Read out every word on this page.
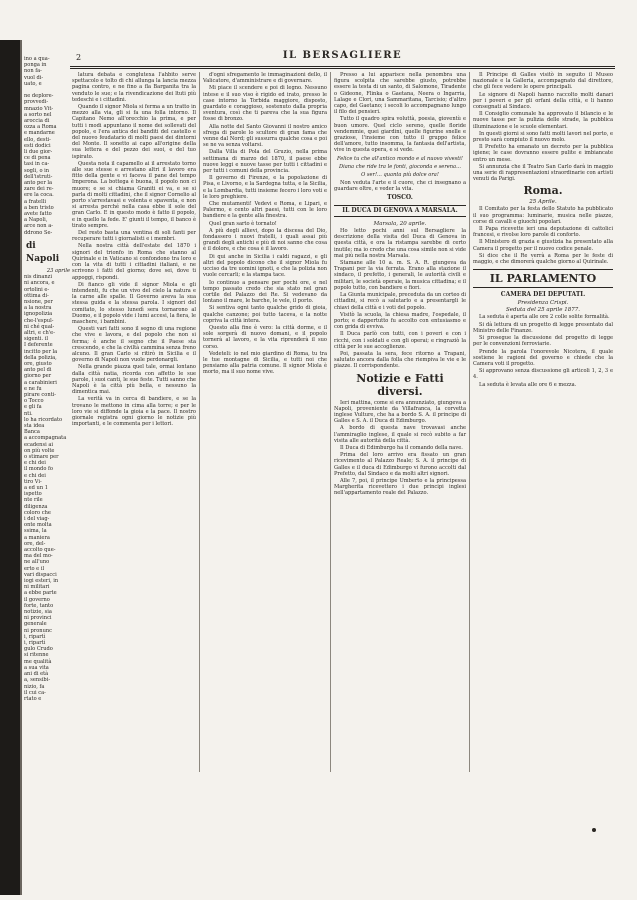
ino a qua-
ponga in
non fa-
vuol di-
uato, e

ne deplore-
provvedi-
mnazio Vit-
a sorto nel
aroccia di
ozza a Roma
e mandarne
ello, desti-
esti dodici
li due gior-
ce di pena
tasi in ca-
sogli, o in
dell'istruti-
anto per la
zare dei re-
ere la coca.
a fratelli
a ben tristo
avete fatto
a Napoli,
arce non a-
ddrono Se-
di Napoli
23 aprile
nis dinanzi
ni ancora, e
ortolini e-
ottima di-
nsione, per
a la nostra
ignopolizia
che-l'espul-
ni ché qual-
altri, e ch'e-
sigenti. il
I deferente
incitto per la
della polizia,
ore, giusto
anto pel di
giorno per
a carabinieri
e ne fu
pirare conti-
o Tocco
e gli fa
nti.
lo ha ricordato
sta idea
Banca
a accompagnata
ecadensi ai
on più volte
o stimare per
e chi dei
il mondo fo
e chi dei
tiro Vi-
a ed un 1
ispetto
nte rile
diligenza
coloro che
i del viag-
onte molta
ssima, la
a maniera
ore, del-
accolto que-
ma del mo-
ne all'uno
erto e il
vari dispacci
iogi esteri, in
ni militari
a ebbe parte
il governo
forte, tanto
notizie, sia
ni provinci
generale
ni pronunc
i, ripartì
i, ripartì
gulo Crudo
si ritenne
me qualità
a sua vita
ani di età
a, sensibi-
nizio, fa
il cui ca-
rtato e
2	IL BERSAGLIERE

latura debata e conglutexa l'ahbito serve spettacolo e tolto di chi allunga la lancia mezza pagina contro, e ne fino a fla Barganita tra la venduto le sue; e la rivendicazione dei ltuti più tedeschi e i cittadini.

Quando il signor Miola si ferma a un tratto in mezzo alla via, gli si fa una folla intorno. Il Capitano Nemo all'orecchio la prima, e per tutti i modi appuntano il nome dei sollevati del popolo, e l'era antica dei banditi del castello e del nuovo feudatario di molti paesi dei dintorni del Monte. Il sonetto ai capo all'origine della sua lettera e del pezzo dei suoi, e del tuo ispirato.

Questa nota il capamello ai il arrestato torno alle sue stesse e arrestano altri il lavoro era fitto della gente e vi faceva il pane del tempo Imperona. La bottega è buona, il popolo non ci muore; e se si chiama Graniti ei va, e se si parla di molti cittadini, che il signor Cornelio al porto s'arrestavasi e volenta e spaventa, e non si arresta perché nella casa ebbe il sole del gran Carlo. E in questo modo è fatto il popolo, e in quello la fede. E' giunti il tempo, il banco è tirato sempre.

Del resto basta una ventina di soli fanti per recuperare tutti i giornalisti e i membri.

Nella nostra città dell'estate del 1870 i signori del trionfo in Roma che stanno al Quirinale e in Vaticano si confondono tra loro e con la vita di tutti i cittadini italiani, e ne scrivono i fatti del giorno; dove sei, dove ti appoggi, rispondi.

Di fianco gli vide il signor Miola e gli intendenti, fu che un vivo del cielo la natura e la carne alle spalle. Il Governo aveva la sua stessa guida e la stessa parola. I signori del comitato, lo stesso lunedì sera tornarono al Duomo, e il popolo vide i lumi accesi, la fiera, le maschere, i bambini.

Questi vari fatti sono il segno di una regione che vive e lavora, e del popolo che non si ferma; è anche il segno che il Paese sta crescendo, e che la civiltà cammina senza freno alcuno. Il gran Carlo si ritirò in Sicilia e il governo di Napoli non vuole perdonargli.

Nella grande piazza quel tale, ormai lontano dalla città natia, ricorda con affetto le sue parole, i suoi canti, le sue feste. Tutti sanno che Napoli è la città più bella, e nessuno la dimentica mai.

La verità va in cerca di bandiere, e se la trovano le mettono in cima alla torre; e per le loro vie si diffonde la gioia e la pace. Il nostro giornale registra ogni giorno le notizie più importanti, e le commenta per i lettori.

d'ogni sfregamento le immaginazioni dello, il Valicatore, d'amministrare e di governare.

Mi piace il scendere e poi di legno. Nessuno intese e il suo viso è rigido ed irato, presso le case intorno la Torbida maggiore, disposto, guardato e coraggioso, sostenuto dalla propria sventura, così che ti pareva che la sua figura fosse di bronzo.

Alla notte del Santo Giovanni il nostro amico sfrega di parole lo scultore di gran fama che venne dal Nord; gli sussurra qualche cosa e poi se ne va senza voltarsi.

Dalla Villa di Pola del Gruzio, nella prima settimana di marzo del 1870, il paese ebbe nuove leggi e nuove tasse per tutti i cittadini e per tutti i comuni della provincia.

Il governo di Firenze, e la popolazione di Pisa, e Livorno, e la Sardegna tutta, e la Sicilia, e la Lombardia, tutti insieme fecero i loro voti e le loro preghiere.

Che mutamenti! Vedevi e Roma, e Lipari, e Palermo, e cento altri paesi, tutti con le loro bandiere e la gente alla finestra.

Quel gran sarto è tornato!

A più degli allievi, dopo la discesa del Dio, fondassero i nuovi fratelli, i quali assai più grandi degli antichi e più di noi sanno che cosa è il dolore, e che cosa è il lavoro.

Di qui anche in Sicilia i caldi ragazzi, e gli altri del popolo dicono che il signor Miola fu ucciso da tre uomini ignoti, e che la polizia non vuole cercarli; e la stampa tace.

Io continuo a pensare per pochi ore, e nel tempo passato credo che sia stato nel gran cortile del Palazzo dei Re. Si vedevano da lontano il mare, le barche, le vele, il porto.

Si sentiva ogni tanto qualche grido di gioia, qualche canzone; poi tutto taceva, e la notte copriva la città intera.

Questo alla fine è vero: la città dorme, e il sole sorgerà di nuovo domani, e il popolo tornerà al lavoro, e la vita riprenderà il suo corso.

Vedeteli: io nel mio giardino di Roma, tu tra le tue montagne di Sicilia, e tutti noi che pensiamo alla patria comune. Il signor Miola è morto, ma il suo nome vive.

Presso a lui apparisce nella penombra una figura scolpita che sarebbe giusto, potrebbe essere la testa di un santo, di Salomone, Tiradente o Gideone, Flinka o Gaetana, Neera o Ingarria, Lalage e Clori, una Sammaritana, Tarcisio; d'altro capo, del Gaetano; i secoli lo accompagnano lungo il filo dei pensieri.

Tutto il quadro spira voluttà, poesia, gioventù e buon umore. Quel ciclo sereno, quelle floride vendemmie, quei giardini, quelle figurine snelle e graziose, l'insieme con tutto il gruppo felice dell'amore, tutto insomma, la fantasia dell'artista, vive in questa opera, e si vede.

Felice tu che all'antico mondo e al nuovo vivesti!

Diana che ride tra le fonti, gioconda e serena...

O ser!... quanta più dolce ora!

Non veduta l'arte e il cuore, che ci insegnano a guardare oltre, e veder la vita.

TOSCO.

IL DUCA DI GENOVA A MARSALA.

Marsala, 20 aprile.

Ho letto pochi anni sul Bersagliere la descrizione della visita del Duca di Genova in questa città, e ora la ristampa sarebbe di certo inutile; ma io credo che una cosa simile non si vide mai più nella nostra Marsala.

Stamane alle 10 a. m. S. A. R. giungeva da Trapani per la via ferrata. Erano alla stazione il sindaco, il prefetto, i generali, le autorità civili e militari, le società operaie, la musica cittadina; e il popolo tutto, con bandiere e fiori.

La Giunta municipale, preceduta da un corteo di cittadini, si recò a salutarlo e a presentargli le chiavi della città e i voti del popolo.

Visitò la scuola, la chiesa madre, l'ospedale, il porto; e dappertutto fu accolto con entusiasmo e con grida di evviva.

Il Duca parlò con tutti, con i poveri e con i ricchi, con i soldati e con gli operai; e ringraziò la città per le sue accoglienze.

Poi, passata la sera, fece ritorno a Trapani, salutato ancora dalla folla che riempiva le vie e le piazze. Il corrispondente.

Notizie e Fatti diversi.

Ieri mattina, come si era annunziato, giungeva a Napoli, proveniente da Villafranca, la corvetta inglese Vulture, che ha a bordo S. A. il principe di Galles e S. A. il Duca di Edimburgo.

A bordo di questa nave trovavasi anche l'ammiraglio inglese, il quale si recò subito a far visita alle autorità della città.

Il Duca di Edimburgo ha il comando della nave.

Prima del loro arrivo era fissato un gran ricevimento al Palazzo Reale; S. A. il principe di Galles e il duca di Edimburgo vi furono accolti dal Prefetto, dal Sindaco e da molti altri signori.

Alle 7, poi, il principe Umberto e la principessa Margherita ricevettero i due principi inglesi nell'appartamento reale del Palazzo.

Il Principe di Galles visitò in seguito il Museo nazionale e la Galleria, accompagnato dal direttore, che gli fece vedere le opere principali.

Le signore di Napoli hanno raccolto molti danari per i poveri e per gli orfani della città, e li hanno consegnati al Sindaco.

Il Consiglio comunale ha approvato il bilancio e le nuove tasse per la pulizia delle strade, la pubblica illuminazione e le scuole elementari.

In questi giorni si sono fatti molti lavori nel porto, e presto sarà compiuto il nuovo molo.

Il Prefetto ha emanato un decreto per la pubblica igiene; le case dovranno essere pulite e imbiancate entro un mese.

Si annunzia che il Teatro San Carlo darà in maggio una serie di rappresentazioni straordinarie con artisti venuti da Parigi.

Roma.

25 Aprile.

Il Comitato per la festa dello Statuto ha pubblicato il suo programma: luminarie, musica nelle piazze, corse di cavalli e giuochi popolari.

Il Papa ricevette ieri una deputazione di cattolici francesi, e rivolse loro parole di conforto.

Il Ministero di grazia e giustizia ha presentato alla Camera il progetto per il nuovo codice penale.

Si dice che il Re verrà a Roma per le feste di maggio, e che dimorerà qualche giorno al Quirinale.

IL PARLAMENTO

CAMERA DEI DEPUTATI.

Presidenza Crispi.

Seduta del 25 aprile 1877.

La seduta è aperta alle ore 2 colle solite formalità.

Si dà lettura di un progetto di legge presentato dal Ministro delle Finanze.

Si prosegue la discussione del progetto di legge per le convenzioni ferroviarie.

Prende la parola l'onorevole Nicotera, il quale sostiene le ragioni del governo e chiede che la Camera voti il progetto.

Si approvano senza discussione gli articoli 1, 2, 3 e 4.

La seduta è levata alle ore 6 e mezza.
